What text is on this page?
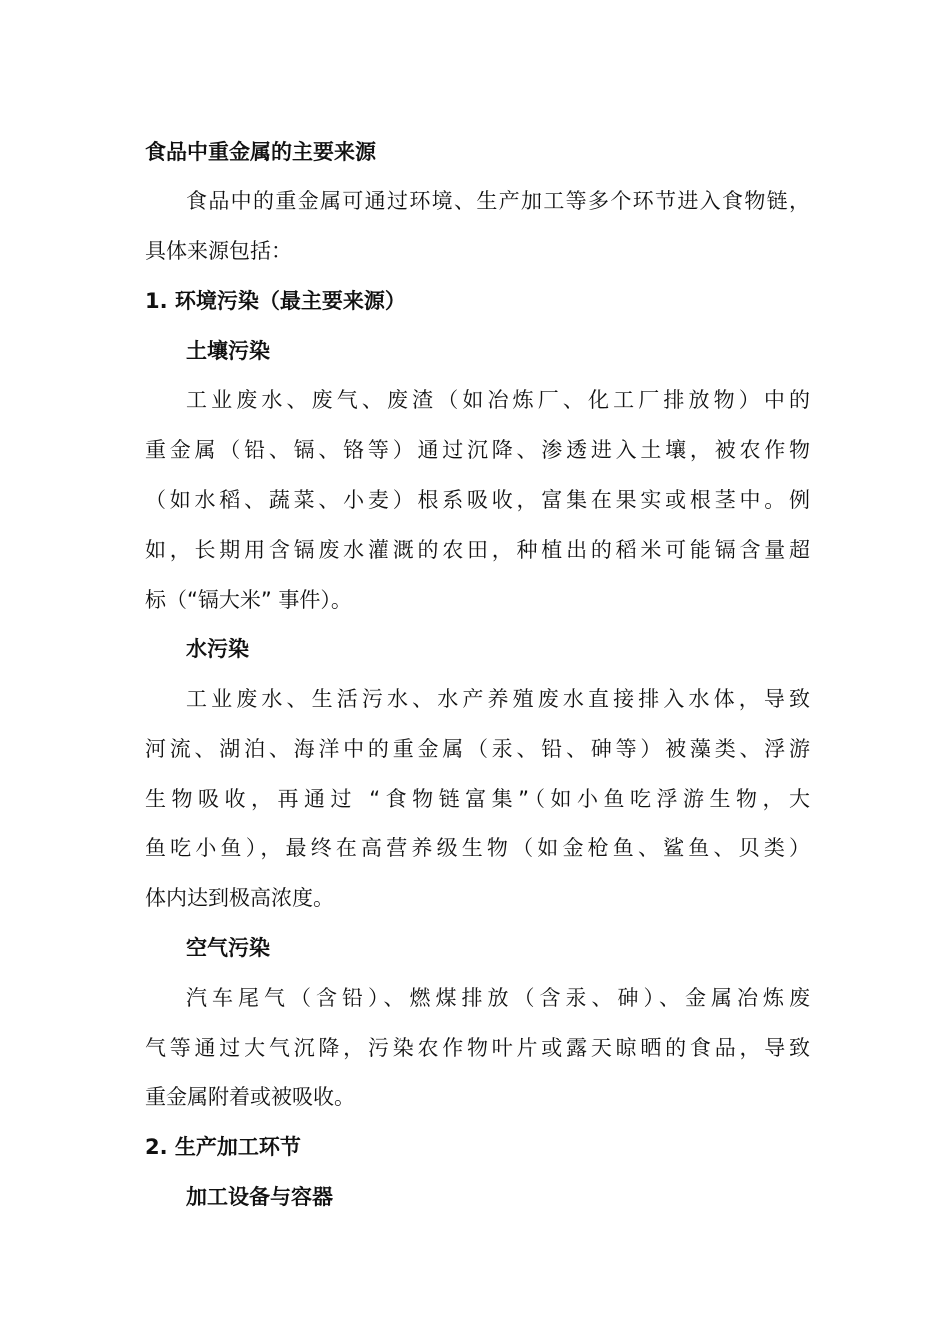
食品中重金属的主要来源
食品中的重金属可通过环境、生产加工等多个环节进入食物链，
具体来源包括：
1. 环境污染（最主要来源）
土壤污染
工业废水、废气、废渣（如冶炼厂、化工厂排放物）中的
重金属（铅、镉、铬等）通过沉降、渗透进入土壤，被农作物
（如水稻、蔬菜、小麦）根系吸收，富集在果实或根茎中。例
如，长期用含镉废水灌溉的农田，种植出的稻米可能镉含量超
标（“镉大米” 事件）。
水污染
工业废水、生活污水、水产养殖废水直接排入水体，导致
河流、湖泊、海洋中的重金属（汞、铅、砷等）被藻类、浮游
生物吸收，再通过 “食物链富集”（如小鱼吃浮游生物，大
鱼吃小鱼），最终在高营养级生物（如金枪鱼、鲨鱼、贝类）
体内达到极高浓度。
空气污染
汽车尾气（含铅）、燃煤排放（含汞、砷）、金属冶炼废
气等通过大气沉降，污染农作物叶片或露天晾晒的食品，导致
重金属附着或被吸收。
2. 生产加工环节
加工设备与容器
